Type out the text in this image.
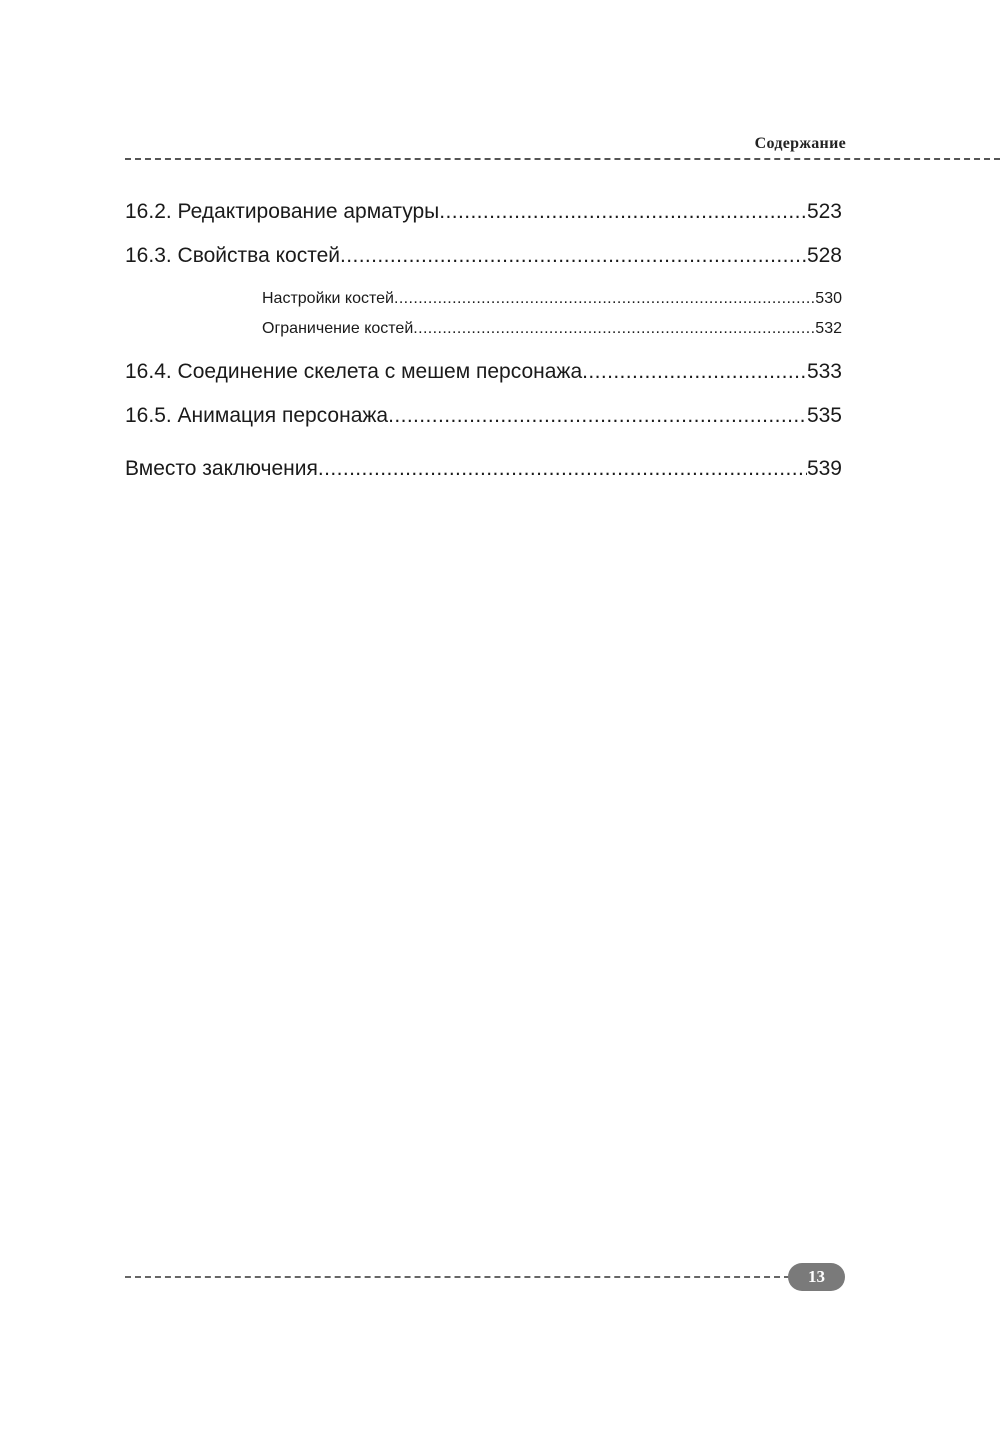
Содержание
16.2. Редактирование арматуры .....	523
16.3. Свойства костей .....	528
Настройки костей .....	530
Ограничение костей .....	532
16.4. Соединение скелета с мешем персонажа .....	533
16.5. Анимация персонажа .....	535
Вместо заключения .....	539
13
